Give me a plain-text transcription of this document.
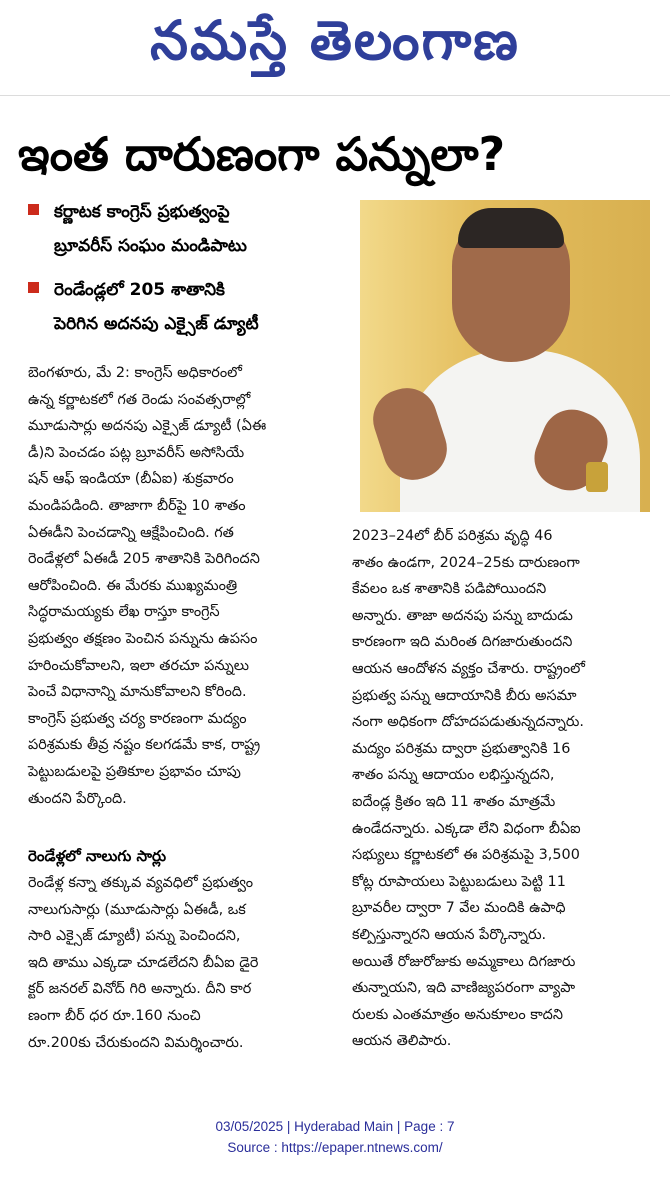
నమస్తే తెలంగాణ
ఇంత దారుణంగా పన్నులా?
కర్ణాటక కాంగ్రెస్ ప్రభుత్వంపై
బ్రూవరీస్ సంఘం మండిపాటు
రెండేండ్లలో 205 శాతానికి
పెరిగిన అదనపు ఎక్సైజ్ డ్యూటీ

బెంగళూరు, మే 2: కాంగ్రెస్ అధికారంలో
ఉన్న కర్ణాటకలో గత రెండు సంవత్సరాల్లో
మూడుసార్లు అదనపు ఎక్సైజ్ డ్యూటీ (ఏఈ
డీ)ని పెంచడం పట్ల బ్రూవరీస్ అసోసియే
షన్ ఆఫ్ ఇండియా (బీఏఐ) శుక్రవారం
మండిపడింది. తాజాగా బీర్‌పై 10 శాతం
ఏఈడీని పెంచడాన్ని ఆక్షేపించింది. గత
రెండేళ్లలో ఏఈడీ 205 శాతానికి పెరిగిందని
ఆరోపించింది. ఈ మేరకు ముఖ్యమంత్రి
సిద్ధరామయ్యకు లేఖ రాస్తూ కాంగ్రెస్
ప్రభుత్వం తక్షణం పెంచిన పన్నును ఉపసం
హరించుకోవాలని, ఇలా తరచూ పన్నులు
పెంచే విధానాన్ని మానుకోవాలని కోరింది.
కాంగ్రెస్ ప్రభుత్వ చర్య కారణంగా మద్యం
పరిశ్రమకు తీవ్ర నష్టం కలగడమే కాక, రాష్ట్ర
పెట్టుబడులపై ప్రతికూల ప్రభావం చూపు
తుందని పేర్కొంది.

రెండేళ్లలో నాలుగు సార్లు

రెండేళ్ల కన్నా తక్కువ వ్యవధిలో ప్రభుత్వం
నాలుగుసార్లు (మూడుసార్లు ఏఈడీ, ఒక
సారి ఎక్సైజ్ డ్యూటీ) పన్ను పెంచిందని,
ఇది తాము ఎక్కడా చూడలేదని బీఏఐ డైరె
క్టర్ జనరల్ వినోద్ గిరి అన్నారు. దీని కార
ణంగా బీర్ ధర రూ.160 నుంచి
రూ.200కు చేరుకుందని విమర్శించారు.

2023–24లో బీర్ పరిశ్రమ వృద్ధి 46
శాతం ఉండగా, 2024–25కు దారుణంగా
కేవలం ఒక శాతానికి పడిపోయిందని
అన్నారు. తాజా అదనపు పన్ను బాదుడు
కారణంగా ఇది మరింత దిగజారుతుందని
ఆయన ఆందోళన వ్యక్తం చేశారు. రాష్ట్రంలో
ప్రభుత్వ పన్ను ఆదాయానికి బీరు అసమా
నంగా అధికంగా దోహదపడుతున్నదన్నారు.
మద్యం పరిశ్రమ ద్వారా ప్రభుత్వానికి 16
శాతం పన్ను ఆదాయం లభిస్తున్నదని,
ఐదేండ్ల క్రితం ఇది 11 శాతం మాత్రమే
ఉండేదన్నారు. ఎక్కడా లేని విధంగా బీఏఐ
సభ్యులు కర్ణాటకలో ఈ పరిశ్రమపై 3,500
కోట్ల రూపాయలు పెట్టుబడులు పెట్టి 11
బ్రూవరీల ద్వారా 7 వేల మందికి ఉపాధి
కల్పిస్తున్నారని ఆయన పేర్కొన్నారు.
అయితే రోజురోజుకు అమ్మకాలు దిగజారు
తున్నాయని, ఇది వాణిజ్యపరంగా వ్యాపా
రులకు ఎంతమాత్రం అనుకూలం కాదని
ఆయన తెలిపారు.

03/05/2025 | Hyderabad Main | Page : 7
Source : https://epaper.ntnews.com/
